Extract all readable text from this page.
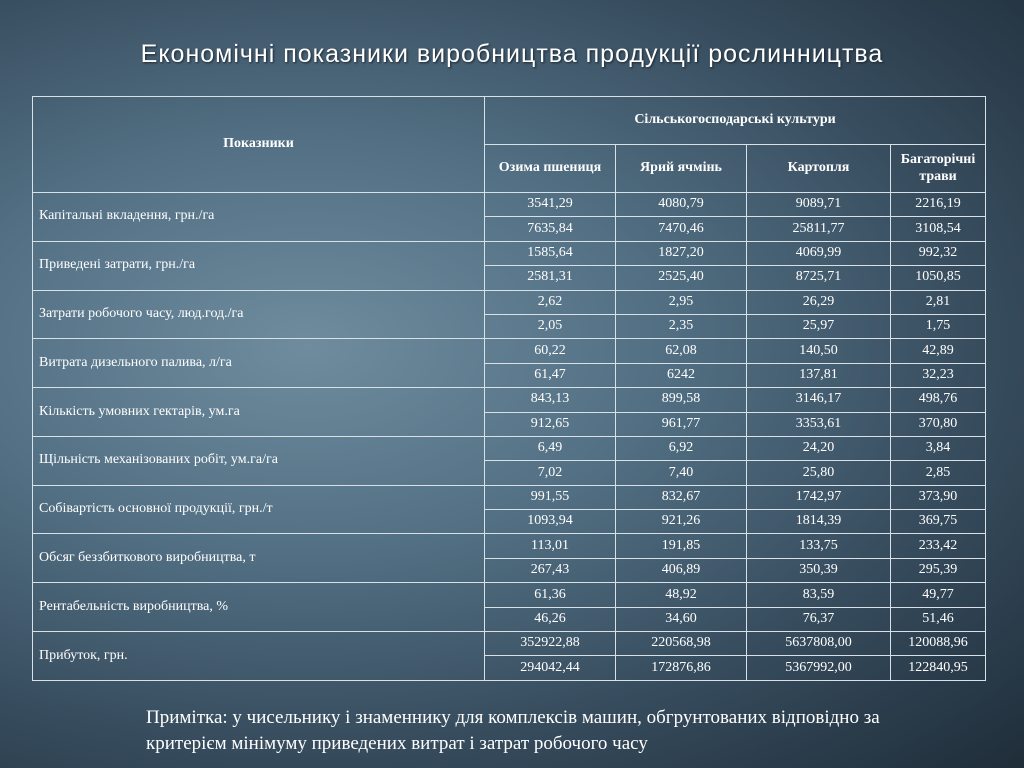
Економічні показники виробництва продукції рослинництва
Показники	Сільськогосподарські культури			
	Озима пшениця	Ярий ячмінь	Картопля	Багаторічні трави
Капітальні вкладення, грн./га	3541,29	4080,79	9089,71	2216,19
	7635,84	7470,46	25811,77	3108,54
Приведені затрати, грн./га	1585,64	1827,20	4069,99	992,32
	2581,31	2525,40	8725,71	1050,85
Затрати робочого часу, люд.год./га	2,62	2,95	26,29	2,81
	2,05	2,35	25,97	1,75
Витрата дизельного палива, л/га	60,22	62,08	140,50	42,89
	61,47	6242	137,81	32,23
Кількість умовних гектарів, ум.га	843,13	899,58	3146,17	498,76
	912,65	961,77	3353,61	370,80
Щільність механізованих робіт, ум.га/га	6,49	6,92	24,20	3,84
	7,02	7,40	25,80	2,85
Собівартість основної продукції, грн./т	991,55	832,67	1742,97	373,90
	1093,94	921,26	1814,39	369,75
Обсяг беззбиткового виробництва, т	113,01	191,85	133,75	233,42
	267,43	406,89	350,39	295,39
Рентабельність виробництва, %	61,36	48,92	83,59	49,77
	46,26	34,60	76,37	51,46
Прибуток, грн.	352922,88	220568,98	5637808,00	120088,96
	294042,44	172876,86	5367992,00	122840,95
Примітка: у чисельнику і знаменнику для комплексів машин, обгрунтованих відповідно за критерієм мінімуму приведених витрат і затрат робочого часу
